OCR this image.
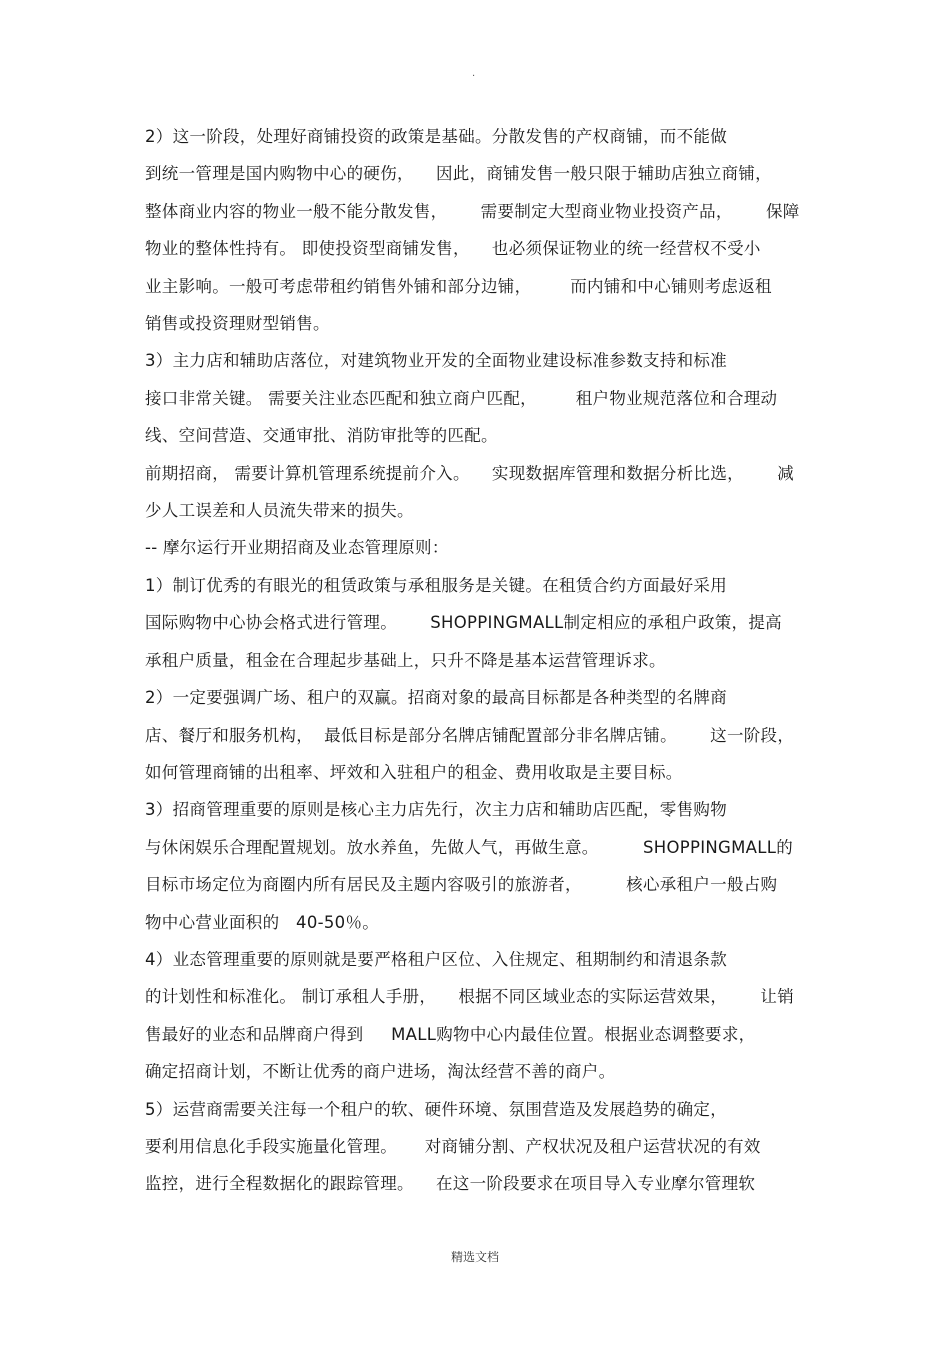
.
2）这一阶段，处理好商铺投资的政策是基础。分散发售的产权商铺，而不能做
到统一管理是国内购物中心的硬伤，    因此，商铺发售一般只限于辅助店独立商铺，
整体商业内容的物业一般不能分散发售，      需要制定大型商业物业投资产品，      保障
物业的整体性持有。 即使投资型商铺发售，    也必须保证物业的统一经营权不受小
业主影响。一般可考虑带租约销售外铺和部分边铺，       而内铺和中心铺则考虑返租
销售或投资理财型销售。
3）主力店和辅助店落位，对建筑物业开发的全面物业建设标准参数支持和标准
接口非常关键。 需要关注业态匹配和独立商户匹配，       租户物业规范落位和合理动
线、空间营造、交通审批、消防审批等的匹配。
前期招商， 需要计算机管理系统提前介入。    实现数据库管理和数据分析比选，      减
少人工误差和人员流失带来的损失。
-- 摩尔运行开业期招商及业态管理原则：
1）制订优秀的有眼光的租赁政策与承租服务是关键。在租赁合约方面最好采用
国际购物中心协会格式进行管理。      SHOPPINGMALL制定相应的承租户政策，提高
承租户质量，租金在合理起步基础上，只升不降是基本运营管理诉求。
2）一定要强调广场、租户的双赢。招商对象的最高目标都是各种类型的名牌商
店、餐厅和服务机构，  最低目标是部分名牌店铺配置部分非名牌店铺。      这一阶段，
如何管理商铺的出租率、坪效和入驻租户的租金、费用收取是主要目标。
3）招商管理重要的原则是核心主力店先行，次主力店和辅助店匹配，零售购物
与休闲娱乐合理配置规划。放水养鱼，先做人气，再做生意。        SHOPPINGMALL的
目标市场定位为商圈内所有居民及主题内容吸引的旅游者，        核心承租户一般占购
物中心营业面积的   40-50％。
4）业态管理重要的原则就是要严格租户区位、入住规定、租期制约和清退条款
的计划性和标准化。 制订承租人手册，    根据不同区域业态的实际运营效果，      让销
售最好的业态和品牌商户得到     MALL购物中心内最佳位置。根据业态调整要求，
确定招商计划，不断让优秀的商户进场，淘汰经营不善的商户。
5）运营商需要关注每一个租户的软、硬件环境、氛围营造及发展趋势的确定，
要利用信息化手段实施量化管理。     对商铺分割、产权状况及租户运营状况的有效
监控，进行全程数据化的跟踪管理。    在这一阶段要求在项目导入专业摩尔管理软
精选文档
